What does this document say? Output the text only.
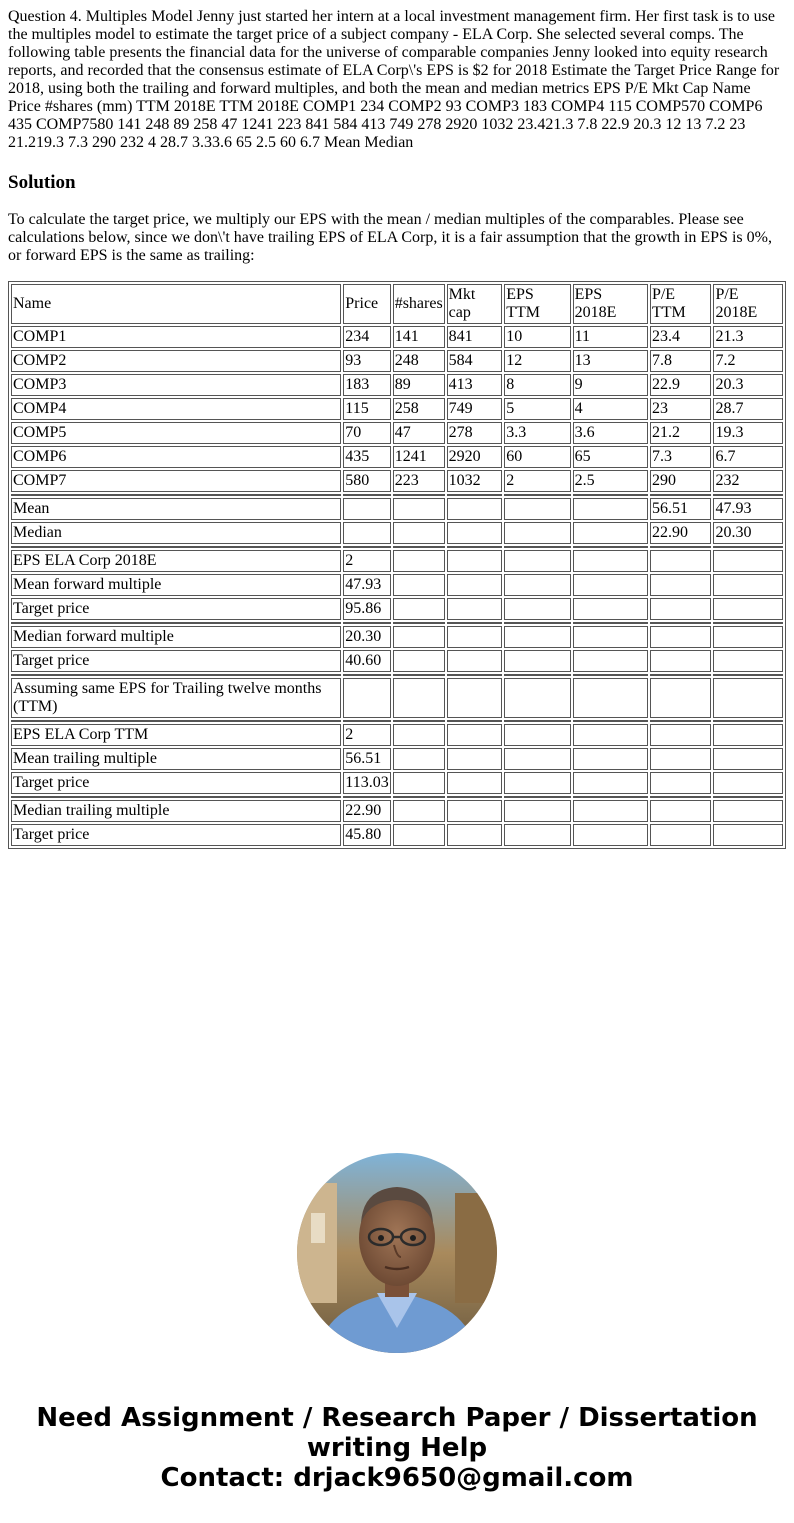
Question 4. Multiples Model Jenny just started her intern at a local investment management firm. Her first task is to use the multiples model to estimate the target price of a subject company - ELA Corp. She selected several comps. The following table presents the financial data for the universe of comparable companies Jenny looked into equity research reports, and recorded that the consensus estimate of ELA Corp\'s EPS is $2 for 2018 Estimate the Target Price Range for 2018, using both the trailing and forward multiples, and both the mean and median metrics EPS P/E Mkt Cap Name Price #shares (mm) TTM 2018E TTM 2018E COMP1 234 COMP2 93 COMP3 183 COMP4 115 COMP570 COMP6 435 COMP7580 141 248 89 258 47 1241 223 841 584 413 749 278 2920 1032 23.421.3 7.8 22.9 20.3 12 13 7.2 23 21.219.3 7.3 290 232 4 28.7 3.33.6 65 2.5 60 6.7 Mean Median

Solution

To calculate the target price, we multiply our EPS with the mean / median multiples of the comparables. Please see calculations below, since we don\'t have trailing EPS of ELA Corp, it is a fair assumption that the growth in EPS is 0%, or forward EPS is the same as trailing:

Name	Price	#shares	Mkt cap	EPS TTM	EPS 2018E	P/E TTM	P/E 2018E
COMP1	234	141	841	10	11	23.4	21.3
COMP2	93	248	584	12	13	7.8	7.2
COMP3	183	89	413	8	9	22.9	20.3
COMP4	115	258	749	5	4	23	28.7
COMP5	70	47	278	3.3	3.6	21.2	19.3
COMP6	435	1241	2920	60	65	7.3	6.7
COMP7	580	223	1032	2	2.5	290	232

Mean						56.51	47.93
Median						22.90	20.30

EPS ELA Corp 2018E	2						
Mean forward multiple	47.93						
Target price	95.86						

Median forward multiple	20.30						
Target price	40.60						

Assuming same EPS for Trailing twelve months (TTM)							

EPS ELA Corp TTM	2						
Mean trailing multiple	56.51						
Target price	113.03						

Median trailing multiple	22.90						
Target price	45.80						
Need Assignment / Research Paper / Dissertation
writing Help
Contact: drjack9650@gmail.com
